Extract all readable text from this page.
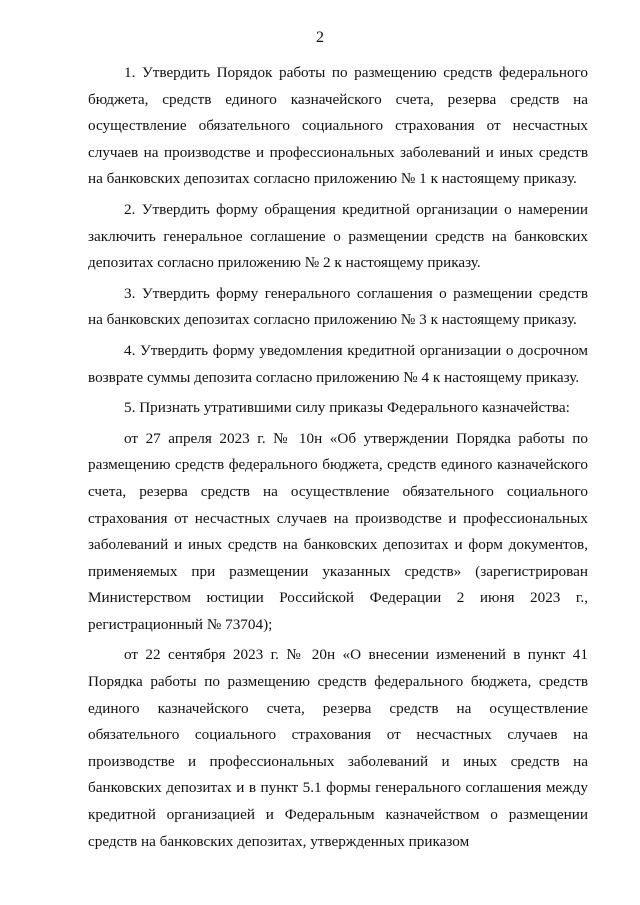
2

1. Утвердить Порядок работы по размещению средств федерального бюджета, средств единого казначейского счета, резерва средств на осуществление обязательного социального страхования от несчастных случаев на производстве и профессиональных заболеваний и иных средств на банковских депозитах согласно приложению № 1 к настоящему приказу.

2. Утвердить форму обращения кредитной организации о намерении заключить генеральное соглашение о размещении средств на банковских депозитах согласно приложению № 2 к настоящему приказу.

3. Утвердить форму генерального соглашения о размещении средств на банковских депозитах согласно приложению № 3 к настоящему приказу.

4. Утвердить форму уведомления кредитной организации о досрочном возврате суммы депозита согласно приложению № 4 к настоящему приказу.

5. Признать утратившими силу приказы Федерального казначейства:

от 27 апреля 2023 г. № 10н «Об утверждении Порядка работы по размещению средств федерального бюджета, средств единого казначейского счета, резерва средств на осуществление обязательного социального страхования от несчастных случаев на производстве и профессиональных заболеваний и иных средств на банковских депозитах и форм документов, применяемых при размещении указанных средств» (зарегистрирован Министерством юстиции Российской Федерации 2 июня 2023 г., регистрационный № 73704);

от 22 сентября 2023 г. № 20н «О внесении изменений в пункт 41 Порядка работы по размещению средств федерального бюджета, средств единого казначейского счета, резерва средств на осуществление обязательного социального страхования от несчастных случаев на производстве и профессиональных заболеваний и иных средств на банковских депозитах и в пункт 5.1 формы генерального соглашения между кредитной организацией и Федеральным казначейством о размещении средств на банковских депозитах, утвержденных приказом
